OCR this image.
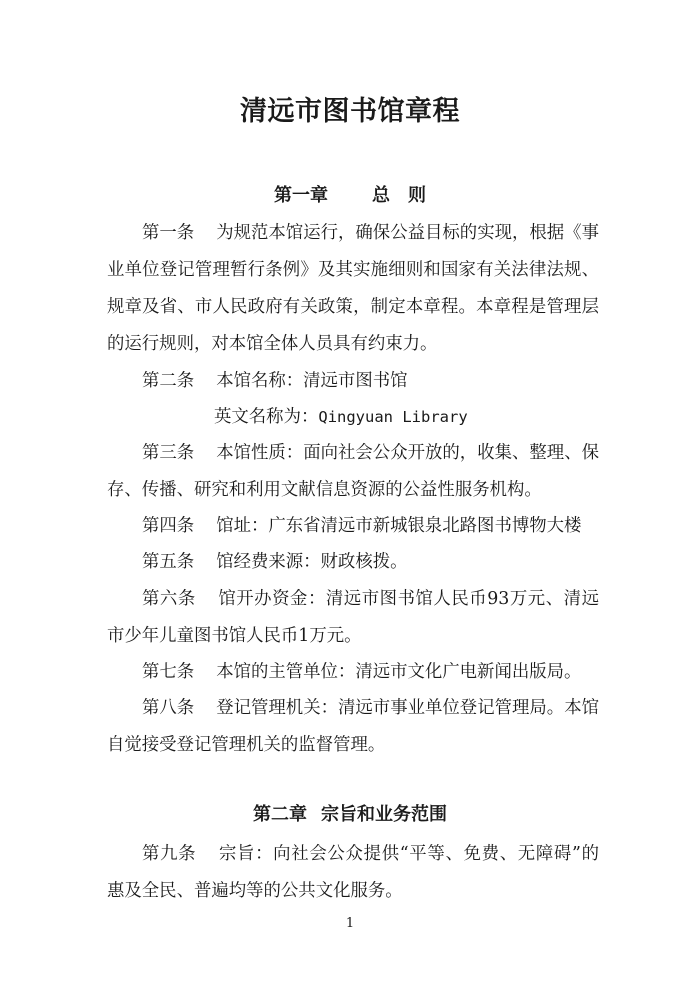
清远市图书馆章程
第一章 总　则

第一条 为规范本馆运行，确保公益目标的实现，根据《事业单位登记管理暂行条例》及其实施细则和国家有关法律法规、规章及省、市人民政府有关政策，制定本章程。本章程是管理层的运行规则，对本馆全体人员具有约束力。

第二条 本馆名称：清远市图书馆
英文名称为：Qingyuan Library

第三条 本馆性质：面向社会公众开放的，收集、整理、保存、传播、研究和利用文献信息资源的公益性服务机构。

第四条 馆址：广东省清远市新城银泉北路图书博物大楼
第五条 馆经费来源：财政核拨。

第六条 馆开办资金：清远市图书馆人民币93万元、清远市少年儿童图书馆人民币1万元。

第七条 本馆的主管单位：清远市文化广电新闻出版局。

第八条 登记管理机关：清远市事业单位登记管理局。本馆自觉接受登记管理机关的监督管理。

第二章 宗旨和业务范围

第九条 宗旨：向社会公众提供“平等、免费、无障碍”的惠及全民、普遍均等的公共文化服务。

1
